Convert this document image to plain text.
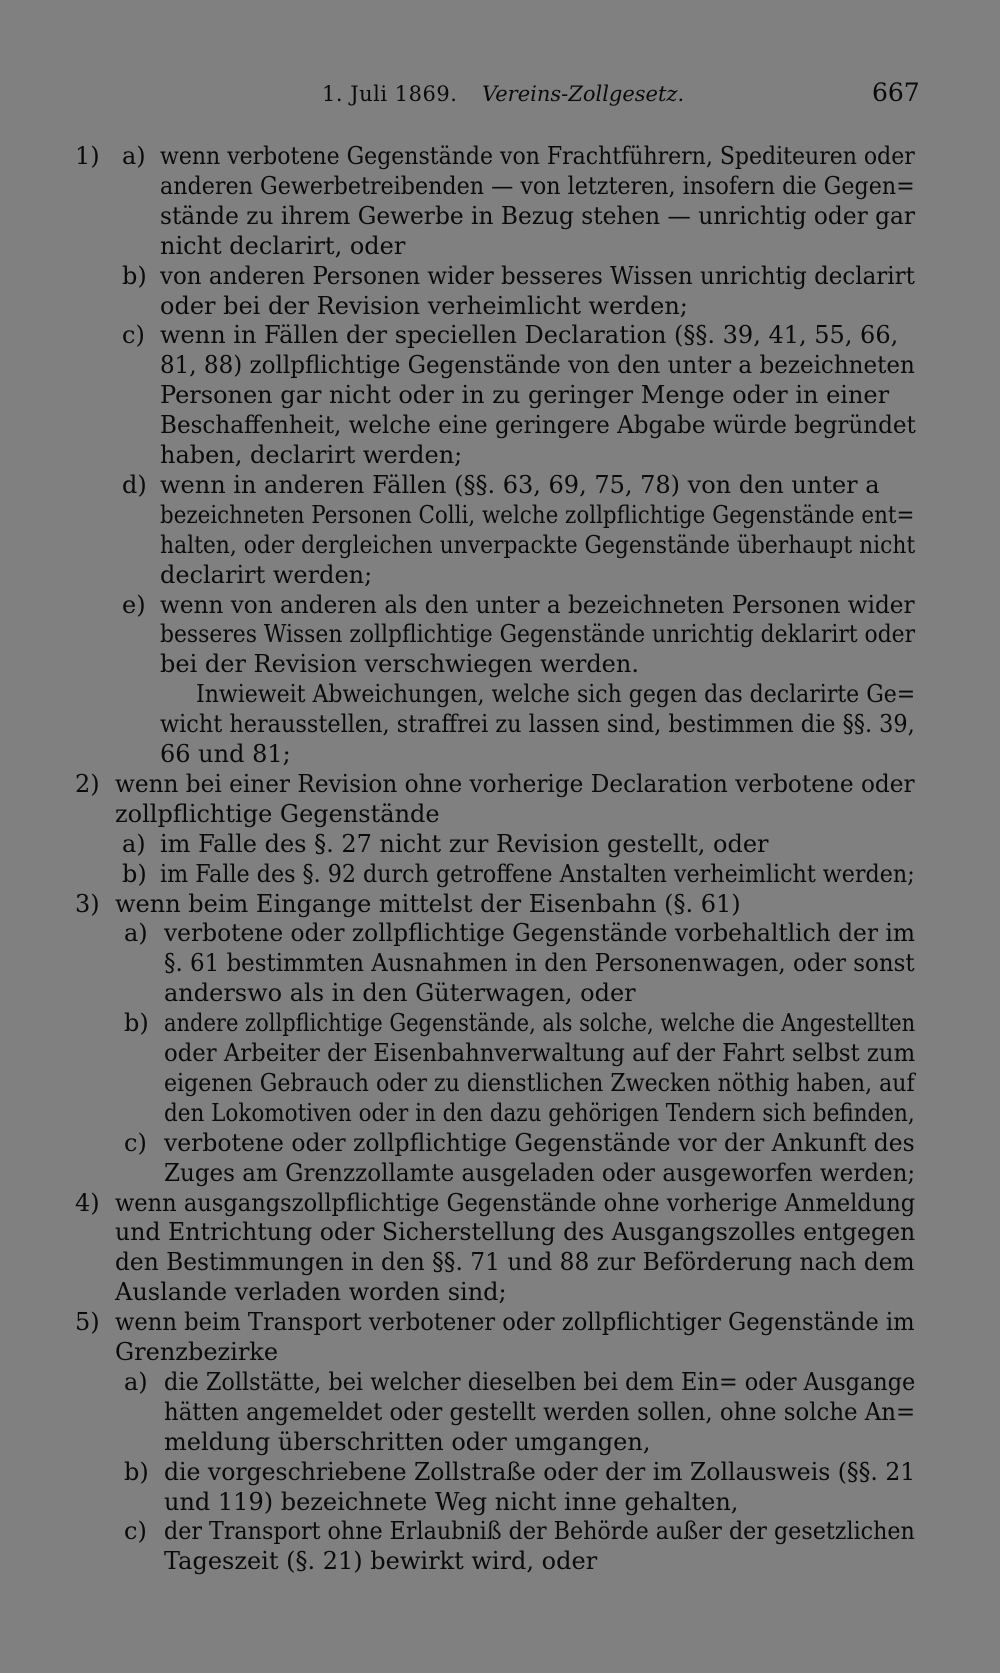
1. Juli 1869. Vereins-Zollgesetz.	667
1) a) wenn verbotene Gegenstände von Frachtführern, Spediteuren oder
anderen Gewerbetreibenden — von letzteren, insofern die Gegen=
stände zu ihrem Gewerbe in Bezug stehen — unrichtig oder gar
nicht declarirt, oder
b) von anderen Personen wider besseres Wissen unrichtig declarirt
oder bei der Revision verheimlicht werden;
c) wenn in Fällen der speciellen Declaration (§§. 39, 41, 55, 66,
81, 88) zollpflichtige Gegenstände von den unter a bezeichneten
Personen gar nicht oder in zu geringer Menge oder in einer
Beschaffenheit, welche eine geringere Abgabe würde begründet
haben, declarirt werden;
d) wenn in anderen Fällen (§§. 63, 69, 75, 78) von den unter a
bezeichneten Personen Colli, welche zollpflichtige Gegenstände ent=
halten, oder dergleichen unverpackte Gegenstände überhaupt nicht
declarirt werden;
e) wenn von anderen als den unter a bezeichneten Personen wider
besseres Wissen zollpflichtige Gegenstände unrichtig deklarirt oder
bei der Revision verschwiegen werden.
Inwieweit Abweichungen, welche sich gegen das declarirte Ge=
wicht herausstellen, straffrei zu lassen sind, bestimmen die §§. 39,
66 und 81;
2) wenn bei einer Revision ohne vorherige Declaration verbotene oder
zollpflichtige Gegenstände
a) im Falle des §. 27 nicht zur Revision gestellt, oder
b) im Falle des §. 92 durch getroffene Anstalten verheimlicht werden;
3) wenn beim Eingange mittelst der Eisenbahn (§. 61)
a) verbotene oder zollpflichtige Gegenstände vorbehaltlich der im
§. 61 bestimmten Ausnahmen in den Personenwagen, oder sonst
anderswo als in den Güterwagen, oder
b) andere zollpflichtige Gegenstände, als solche, welche die Angestellten
oder Arbeiter der Eisenbahnverwaltung auf der Fahrt selbst zum
eigenen Gebrauch oder zu dienstlichen Zwecken nöthig haben, auf
den Lokomotiven oder in den dazu gehörigen Tendern sich befinden,
c) verbotene oder zollpflichtige Gegenstände vor der Ankunft des
Zuges am Grenzzollamte ausgeladen oder ausgeworfen werden;
4) wenn ausgangszollpflichtige Gegenstände ohne vorherige Anmeldung
und Entrichtung oder Sicherstellung des Ausgangszolles entgegen
den Bestimmungen in den §§. 71 und 88 zur Beförderung nach dem
Auslande verladen worden sind;
5) wenn beim Transport verbotener oder zollpflichtiger Gegenstände im
Grenzbezirke
a) die Zollstätte, bei welcher dieselben bei dem Ein= oder Ausgange
hätten angemeldet oder gestellt werden sollen, ohne solche An=
meldung überschritten oder umgangen,
b) die vorgeschriebene Zollstraße oder der im Zollausweis (§§. 21
und 119) bezeichnete Weg nicht inne gehalten,
c) der Transport ohne Erlaubniß der Behörde außer der gesetzlichen
Tageszeit (§. 21) bewirkt wird, oder
